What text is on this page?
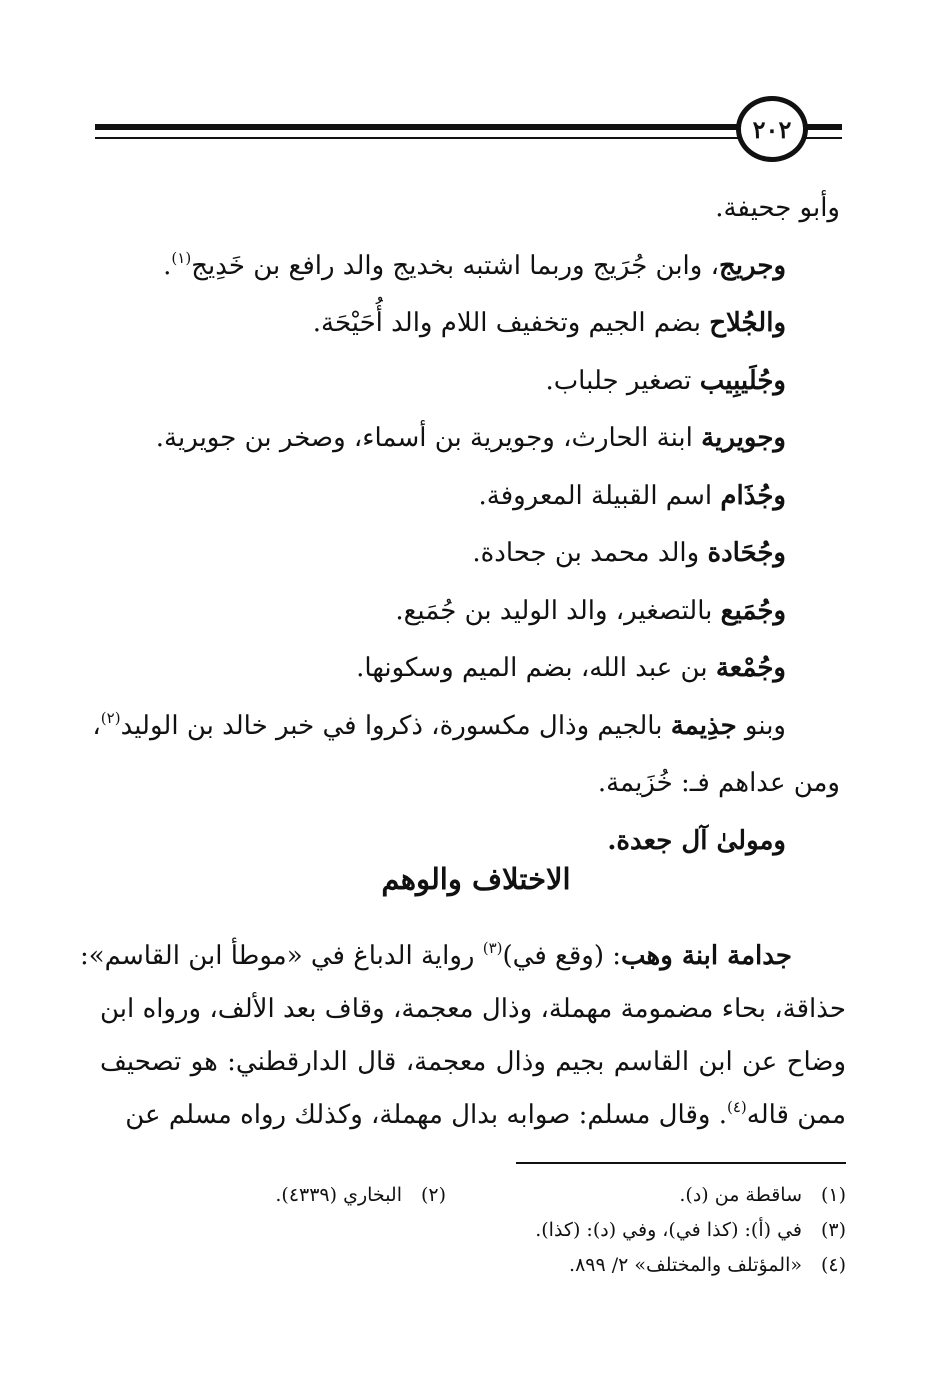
٢٠٢
وأبو جحيفة.
وجريج، وابن جُرَيج وربما اشتبه بخديج والد رافع بن خَدِيج$^{(١)}$.
والجُلاح بضم الجيم وتخفيف اللام والد أُحَيْحَة.
وجُلَيبِيب تصغير جلباب.
وجويرية ابنة الحارث، وجويرية بن أسماء، وصخر بن جويرية.
وجُذَام اسم القبيلة المعروفة.
وجُحَادة والد محمد بن جحادة.
وجُمَيع بالتصغير، والد الوليد بن جُمَيع.
وجُمْعة بن عبد الله، بضم الميم وسكونها.
وبنو جذِيمة بالجيم وذال مكسورة، ذكروا في خبر خالد بن الوليد$^{(٢)}$،
ومن عداهم فـ: خُزَيمة.
ومولىٰ آل جعدة.
الاختلاف والوهم
جدامة ابنة وهب: (وقع في)$^{(٣)}$ رواية الدباغ في «موطأ ابن القاسم»:
حذاقة، بحاء مضمومة مهملة، وذال معجمة، وقاف بعد الألف، ورواه ابن
وضاح عن ابن القاسم بجيم وذال معجمة، قال الدارقطني: هو تصحيف
ممن قاله$^{(٤)}$. وقال مسلم: صوابه بدال مهملة، وكذلك رواه مسلم عن
(١)ساقطة من (د).
(٢)البخاري (٤٣٣٩).
(٣)في (أ): (كذا في)، وفي (د): (كذا).
(٤)«المؤتلف والمختلف» ٢/ ٨٩٩.
